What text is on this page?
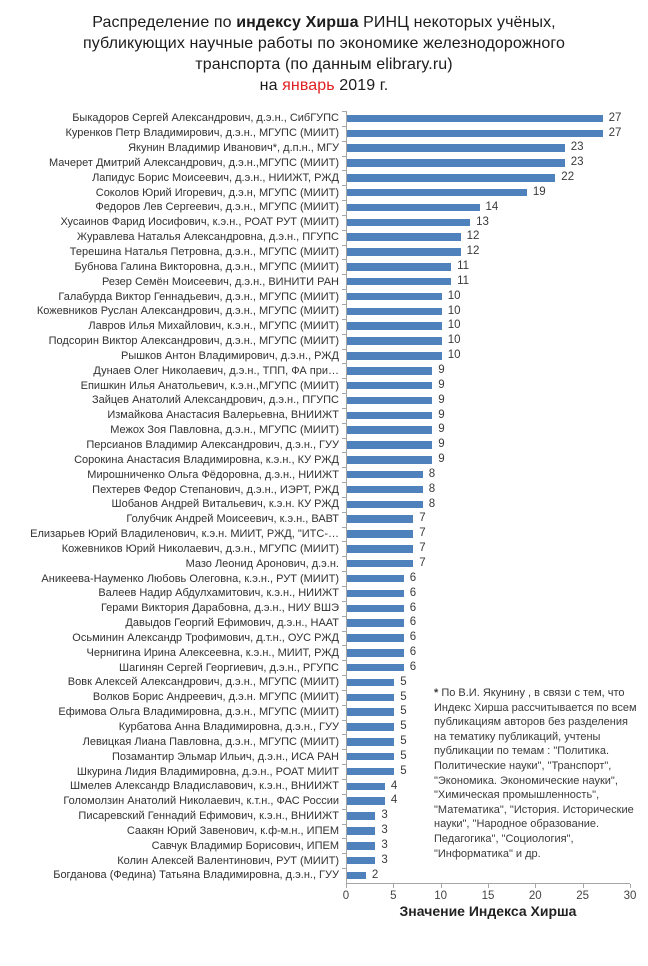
Распределение по индексу Хирша РИНЦ некоторых учёных,
публикующих научные работы по экономике железнодорожного
транспорта (по данным elibrary.ru)
на январь 2019 г.
Быкадоров Сергей Александрович, д.э.н., СибГУПС	27
Куренков Петр Владимирович, д.э.н., МГУПС (МИИТ)	27
Якунин Владимир Иванович*, д.п.н., МГУ	23
Мачерет Дмитрий Александрович, д.э.н.,МГУПС (МИИТ)	23
Лапидус Борис Моисеевич, д.э.н., НИИЖТ, РЖД	22
Соколов Юрий Игоревич, д.э.н, МГУПС (МИИТ)	19
Федоров Лев Сергеевич, д.э.н., МГУПС (МИИТ)	14
Хусаинов Фарид Иосифович, к.э.н., РОАТ РУТ (МИИТ)	13
Журавлева Наталья Александровна, д.э.н., ПГУПС	12
Терешина Наталья Петровна, д.э.н., МГУПС (МИИТ)	12
Бубнова Галина Викторовна, д.э.н., МГУПС (МИИТ)	11
Резер Семён Моисеевич, д.э.н., ВИНИТИ РАН	11
Галабурда Виктор Геннадьевич, д.э.н., МГУПС (МИИТ)	10
Кожевников Руслан Александрович, д.э.н., МГУПС (МИИТ)	10
Лавров Илья Михайлович, к.э.н., МГУПС (МИИТ)	10
Подсорин Виктор Александрович, д.э.н., МГУПС (МИИТ)	10
Рышков Антон Владимирович, д.э.н., РЖД	10
Дунаев Олег Николаевич, д.э.н., ТПП, ФА при…	9
Епишкин Илья Анатольевич, к.э.н.,МГУПС (МИИТ)	9
Зайцев Анатолий Александрович, д.э.н., ПГУПС	9
Измайкова Анастасия Валерьевна, ВНИИЖТ	9
Межох Зоя Павловна, д.э.н., МГУПС (МИИТ)	9
Персианов Владимир Александрович, д.э.н., ГУУ	9
Сорокина Анастасия Владимировна, к.э.н., КУ РЖД	9
Мирошниченко Ольга Фёдоровна, д.э.н., НИИЖТ	8
Пехтерев Федор Степанович, д.э.н., ИЭРТ, РЖД	8
Шобанов Андрей Витальевич, к.э.н. КУ РЖД	8
Голубчик Андрей Моисеевич, к.э.н., ВАВТ	7
Елизарьев Юрий Владиленович, к.э.н. МИИТ, РЖД, "ИТС-…	7
Кожевников Юрий Николаевич, д.э.н., МГУПС (МИИТ)	7
Мазо Леонид Аронович, д.э.н.	7
Аникеева-Науменко Любовь Олеговна, к.э.н., РУТ (МИИТ)	6
Валеев Надир Абдулхамитович, к.э.н., НИИЖТ	6
Герами Виктория Дарабовна, д.э.н., НИУ ВШЭ	6
Давыдов Георгий Ефимович, д.э.н., НААТ	6
Осьминин Александр Трофимович, д.т.н., ОУС РЖД	6
Чернигина Ирина Алексеевна, к.э.н., МИИТ, РЖД	6
Шагинян Сергей Георгиевич, д.э.н., РГУПС	6
Вовк Алексей Александрович, д.э.н., МГУПС (МИИТ)	5
Волков Борис Андреевич, д.э.н. МГУПС (МИИТ)	5
Ефимова Ольга Владимировна, д.э.н., МГУПС (МИИТ)	5
Курбатова Анна Владимировна, д.э.н., ГУУ	5
Левицкая Лиана Павловна, д.э.н., МГУПС (МИИТ)	5
Позамантир Эльмар Ильич, д.э.н., ИСА РАН	5
Шкурина Лидия Владимировна, д.э.н., РОАТ МИИТ	5
Шмелев Александр Владиславович, к.э.н., ВНИИЖТ	4
Голомолзин Анатолий Николаевич, к.т.н., ФАС России	4
Писаревский Геннадий Ефимович, к.э.н., ВНИИЖТ	3
Саакян Юрий Завенович, к.ф-м.н., ИПЕМ	3
Савчук Владимир Борисович, ИПЕМ	3
Колин Алексей Валентинович, РУТ (МИИТ)	3
Богданова (Федина) Татьяна Владимировна, д.э.н., ГУУ	2
0	5	10	15	20	25	30
Значение Индекса Хирша
* По В.И. Якунину , в связи с тем, что Индекс Хирша рассчитывается по всем публикациям авторов без разделения на тематику публикаций, учтены публикации по темам : "Политика. Политические науки", "Транспорт", "Экономика. Экономические науки", "Химическая промышленность", "Математика", "История. Исторические науки", "Народное образование. Педагогика", "Социология", "Информатика" и др.
